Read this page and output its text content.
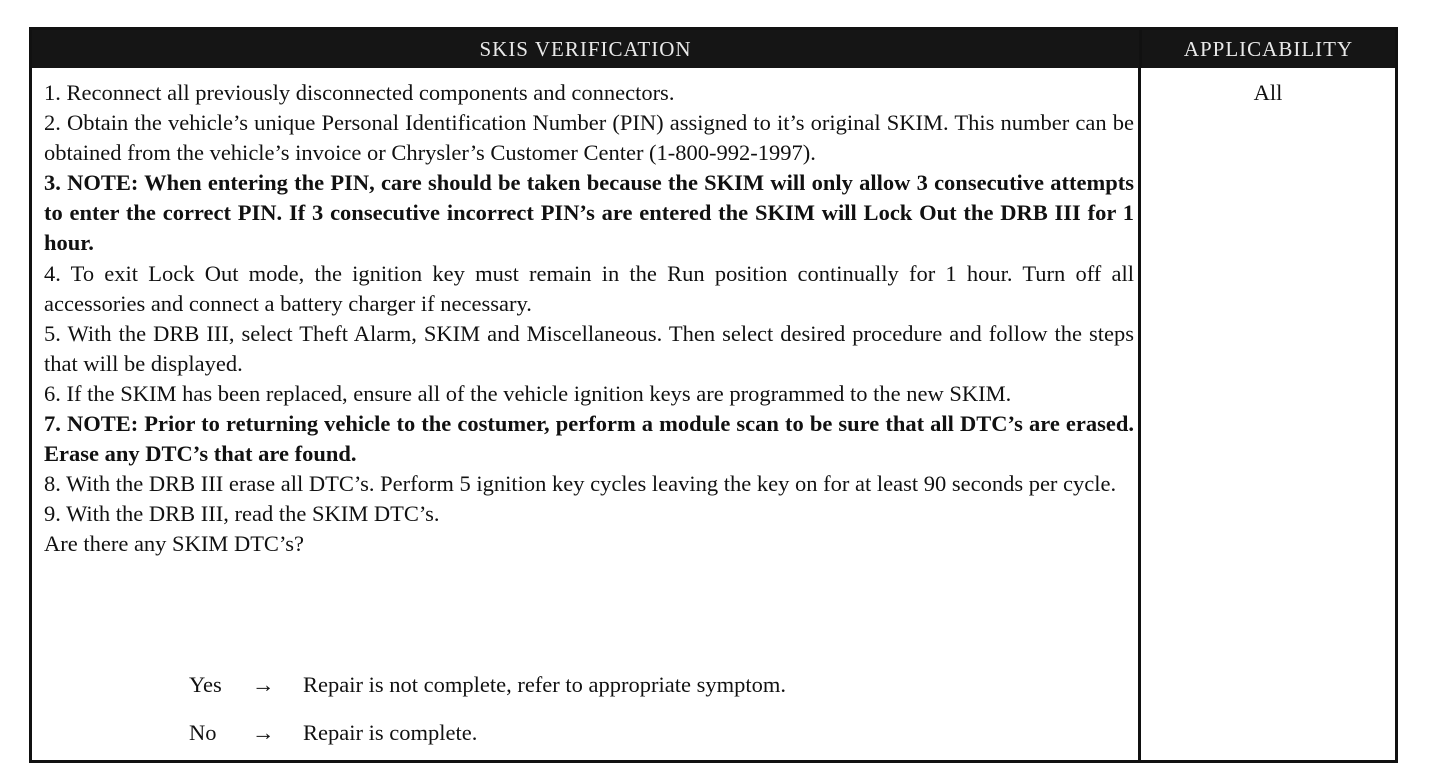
SKIS VERIFICATION	APPLICABILITY

1. Reconnect all previously disconnected components and connectors.

2. Obtain the vehicle’s unique Personal Identification Number (PIN) assigned to it’s original SKIM. This number can be obtained from the vehicle’s invoice or Chrysler’s Customer Center (1-800-992-1997).

3. NOTE: When entering the PIN, care should be taken because the SKIM will only allow 3 consecutive attempts to enter the correct PIN. If 3 consecutive incorrect PIN’s are entered the SKIM will Lock Out the DRB III for 1 hour.

4. To exit Lock Out mode, the ignition key must remain in the Run position continually for 1 hour. Turn off all accessories and connect a battery charger if necessary.

5. With the DRB III, select Theft Alarm, SKIM and Miscellaneous. Then select desired procedure and follow the steps that will be displayed.

6. If the SKIM has been replaced, ensure all of the vehicle ignition keys are programmed to the new SKIM.

7. NOTE: Prior to returning vehicle to the costumer, perform a module scan to be sure that all DTC’s are erased. Erase any DTC’s that are found.

8. With the DRB III erase all DTC’s. Perform 5 ignition key cycles leaving the key on for at least 90 seconds per cycle.

9. With the DRB III, read the SKIM DTC’s.

Are there any SKIM DTC’s?

Yes → Repair is not complete, refer to appropriate symptom.
No → Repair is complete.
All
